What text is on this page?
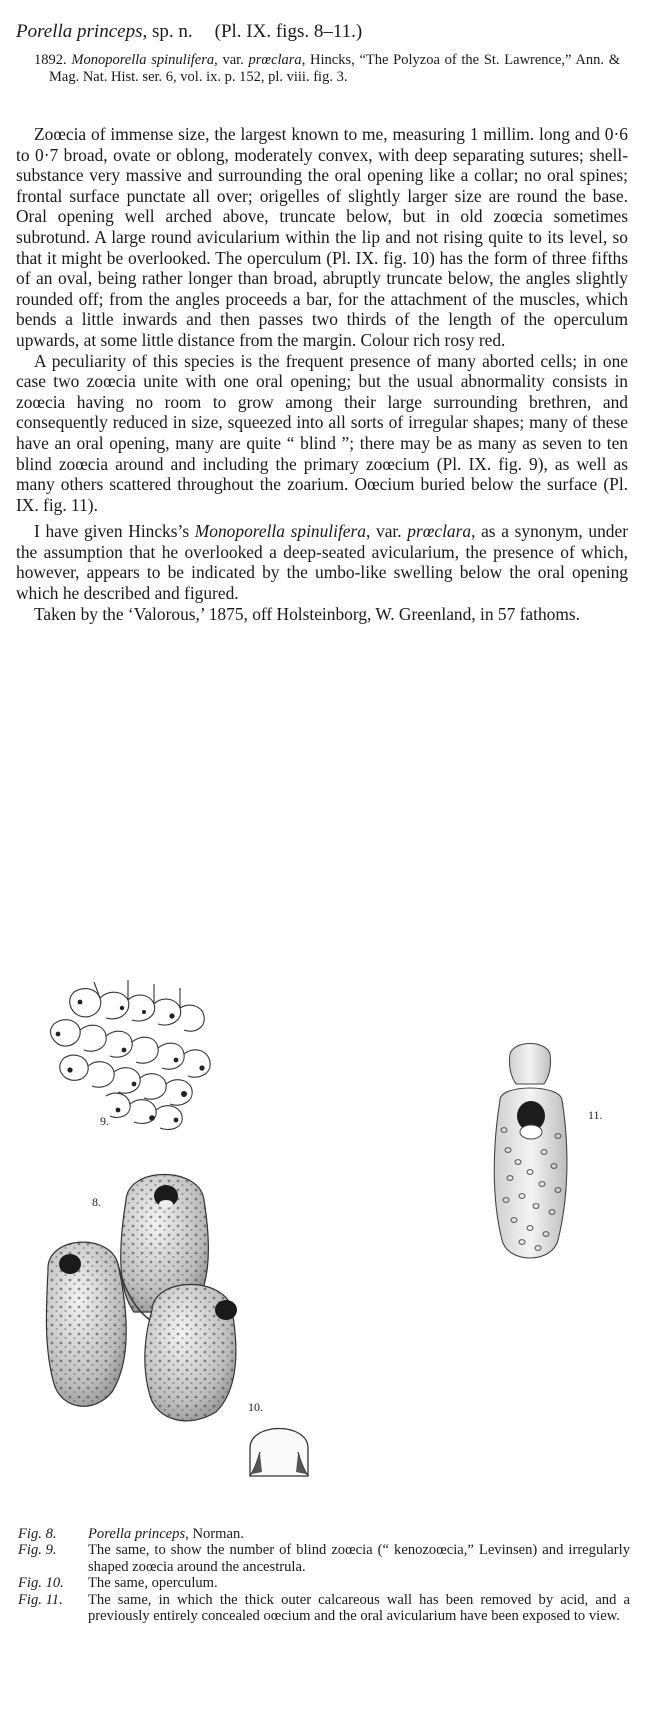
Porella princeps, sp. n. (Pl. IX. figs. 8–11.)
1892. Monoporella spinulifera, var. prœclara, Hincks, “The Polyzoa of the St. Lawrence,” Ann. & Mag. Nat. Hist. ser. 6, vol. ix. p. 152, pl. viii. fig. 3.

Zoœcia of immense size, the largest known to me, measuring 1 millim. long and 0·6 to 0·7 broad, ovate or oblong, moderately convex, with deep separating sutures; shell-substance very massive and surrounding the oral opening like a collar; no oral spines; frontal surface punctate all over; origelles of slightly larger size are round the base. Oral opening well arched above, truncate below, but in old zoœcia sometimes subrotund. A large round avicularium within the lip and not rising quite to its level, so that it might be overlooked. The operculum (Pl. IX. fig. 10) has the form of three fifths of an oval, being rather longer than broad, abruptly truncate below, the angles slightly rounded off; from the angles proceeds a bar, for the attachment of the muscles, which bends a little inwards and then passes two thirds of the length of the operculum upwards, at some little distance from the margin. Colour rich rosy red.

A peculiarity of this species is the frequent presence of many aborted cells; in one case two zoœcia unite with one oral opening; but the usual abnormality consists in zoœcia having no room to grow among their large surrounding brethren, and consequently reduced in size, squeezed into all sorts of irregular shapes; many of these have an oral opening, many are quite “ blind ”; there may be as many as seven to ten blind zoœcia around and including the primary zoœcium (Pl. IX. fig. 9), as well as many others scattered throughout the zoarium. Oœcium buried below the surface (Pl. IX. fig. 11).

I have given Hincks’s Monoporella spinulifera, var. prœclara, as a synonym, under the assumption that he overlooked a deep-seated avicularium, the presence of which, however, appears to be indicated by the umbo-like swelling below the oral opening which he described and figured.

Taken by the ‘Valorous,’ 1875, off Holsteinborg, W. Greenland, in 57 fathoms.

9.	11.
8.
10.
Fig. 8.	Porella princeps, Norman.
Fig. 9.	The same, to show the number of blind zoœcia (“ kenozoœcia,” Levinsen) and irregularly shaped zoœcia around the ancestrula.
Fig. 10.	The same, operculum.
Fig. 11.	The same, in which the thick outer calcareous wall has been removed by acid, and a previously entirely concealed oœcium and the oral avicularium have been exposed to view.
